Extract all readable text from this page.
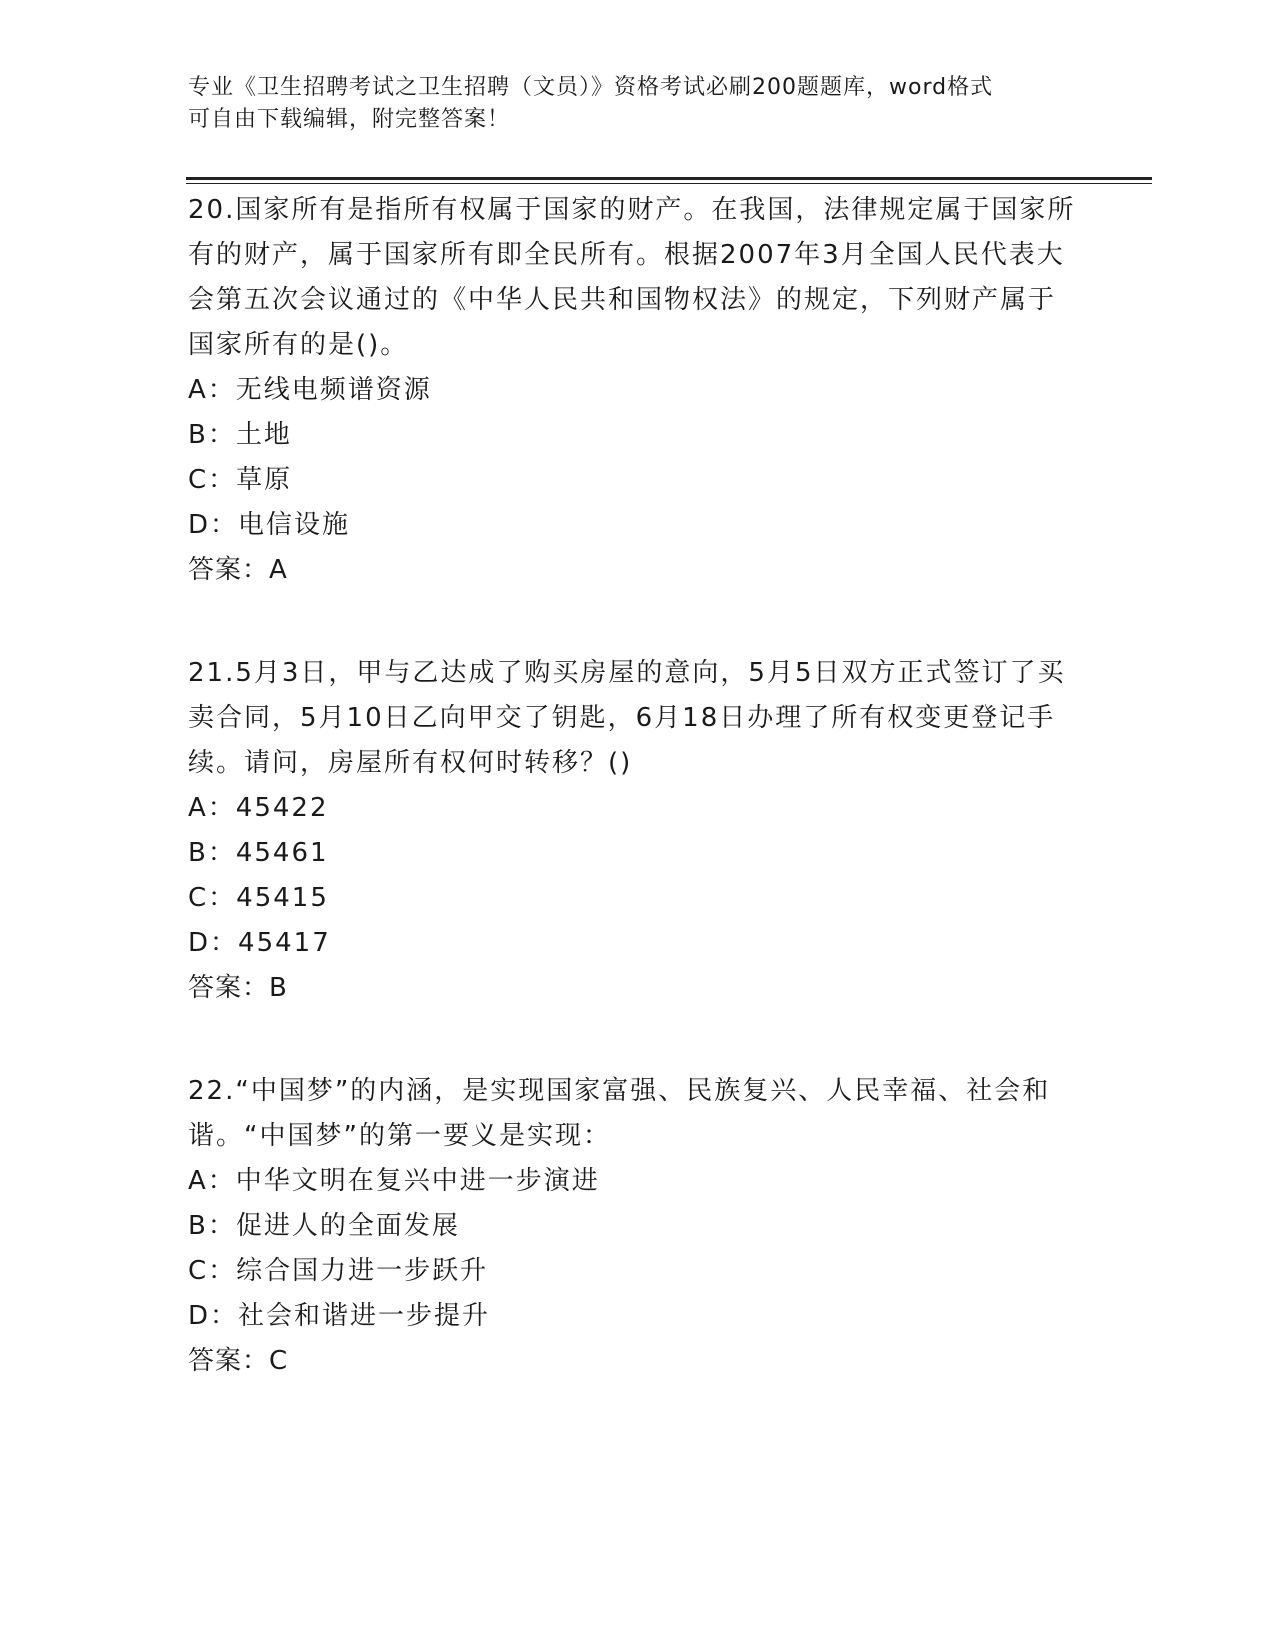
专业《卫生招聘考试之卫生招聘（文员）》资格考试必刷200题题库，word格式
可自由下载编辑，附完整答案！
20.国家所有是指所有权属于国家的财产。在我国，法律规定属于国家所有的财产，属于国家所有即全民所有。根据2007年3月全国人民代表大会第五次会议通过的《中华人民共和国物权法》的规定，下列财产属于国家所有的是()。
A：无线电频谱资源
B：土地
C：草原
D：电信设施
答案：A
21.5月3日，甲与乙达成了购买房屋的意向，5月5日双方正式签订了买卖合同，5月10日乙向甲交了钥匙，6月18日办理了所有权变更登记手续。请问，房屋所有权何时转移？()
A：45422
B：45461
C：45415
D：45417
答案：B
22.“中国梦”的内涵，是实现国家富强、民族复兴、人民幸福、社会和谐。“中国梦”的第一要义是实现：
A：中华文明在复兴中进一步演进
B：促进人的全面发展
C：综合国力进一步跃升
D：社会和谐进一步提升
答案：C
